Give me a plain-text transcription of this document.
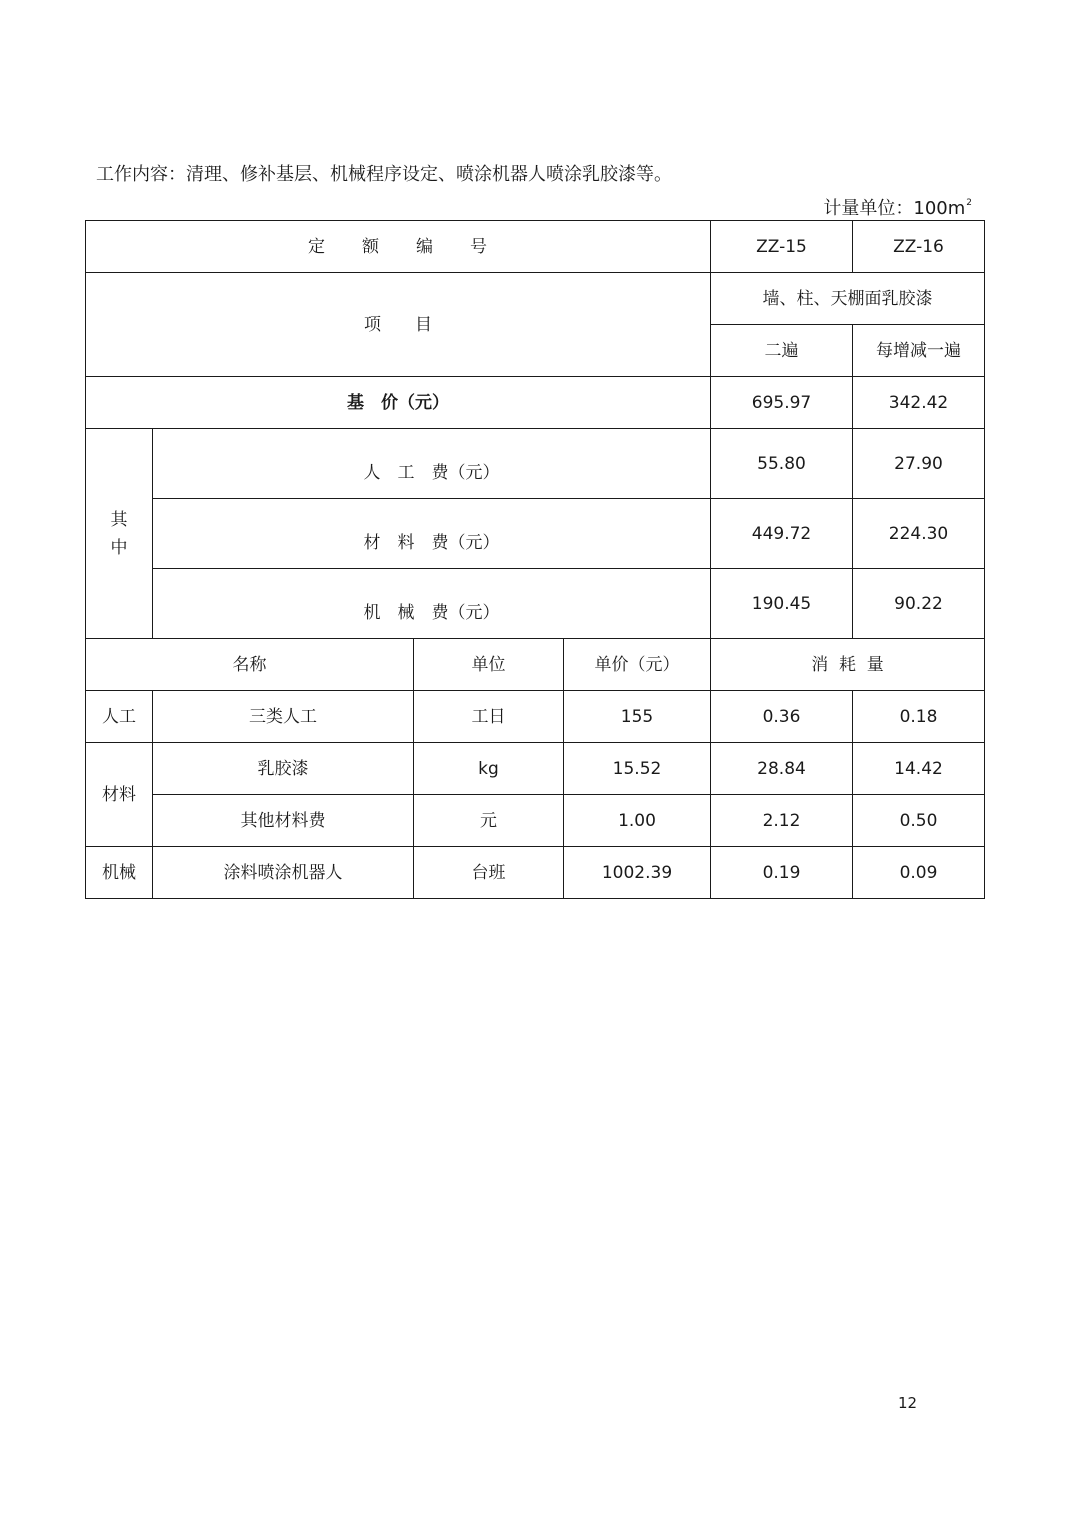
工作内容：清理、修补基层、机械程序设定、喷涂机器人喷涂乳胶漆等。
计量单位：$100m^2$
定　　额　　编　　号				ZZ-15	ZZ-16
项　　目				墙、柱、天棚面乳胶漆	
				二遍	每增减一遍
基　价（元）				695.97	342.42
其
中	人　工　费（元）			55.80	27.90
	材　料　费（元）			449.72	224.30
	机　械　费（元）			190.45	90.22
名称		单位	单价（元）	消  耗  量	
人工	三类人工	工日	155	0.36	0.18
材料	乳胶漆	kg	15.52	28.84	14.42
	其他材料费	元	1.00	2.12	0.50
机械	涂料喷涂机器人	台班	1002.39	0.19	0.09
12
